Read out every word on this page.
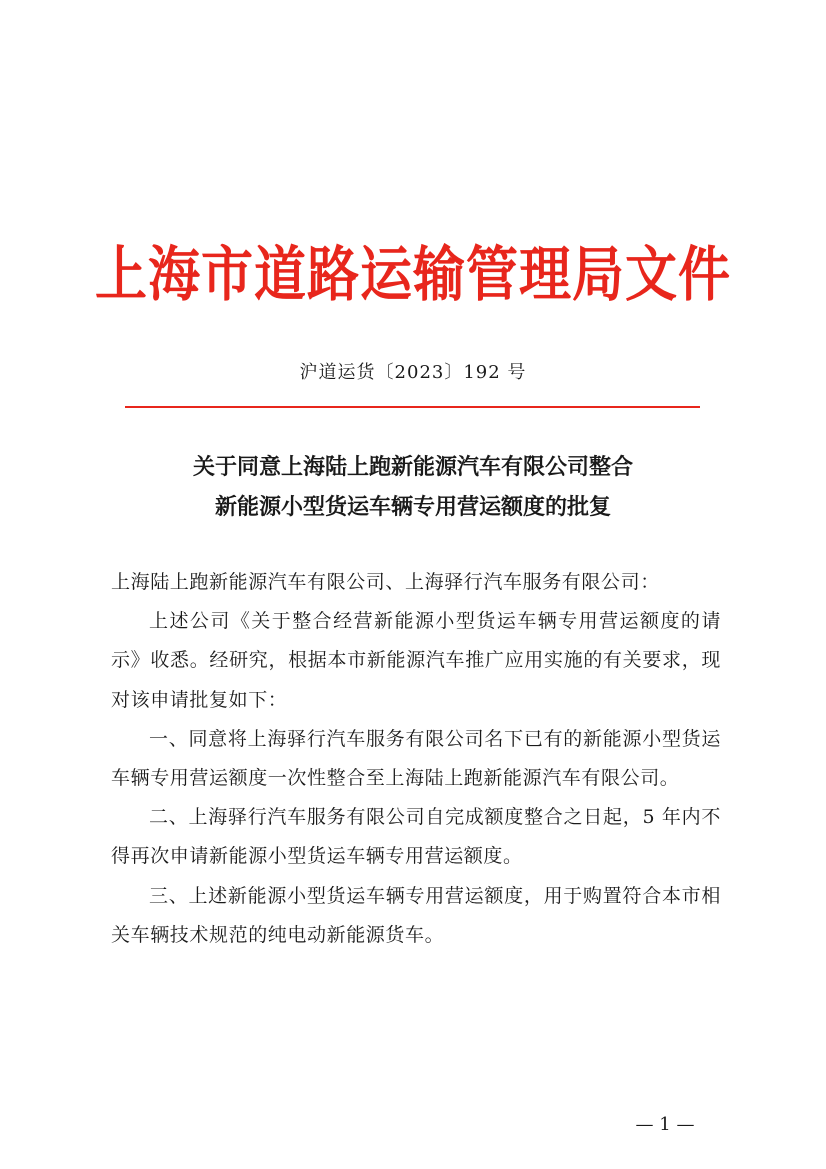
上海市道路运输管理局文件
沪道运货〔2023〕192 号
关于同意上海陆上跑新能源汽车有限公司整合
新能源小型货运车辆专用营运额度的批复

上海陆上跑新能源汽车有限公司、上海驿行汽车服务有限公司：

上述公司《关于整合经营新能源小型货运车辆专用营运额度的请示》收悉。经研究，根据本市新能源汽车推广应用实施的有关要求，现对该申请批复如下：

一、同意将上海驿行汽车服务有限公司名下已有的新能源小型货运车辆专用营运额度一次性整合至上海陆上跑新能源汽车有限公司。

二、上海驿行汽车服务有限公司自完成额度整合之日起，5 年内不得再次申请新能源小型货运车辆专用营运额度。

三、上述新能源小型货运车辆专用营运额度，用于购置符合本市相关车辆技术规范的纯电动新能源货车。

— 1 —
